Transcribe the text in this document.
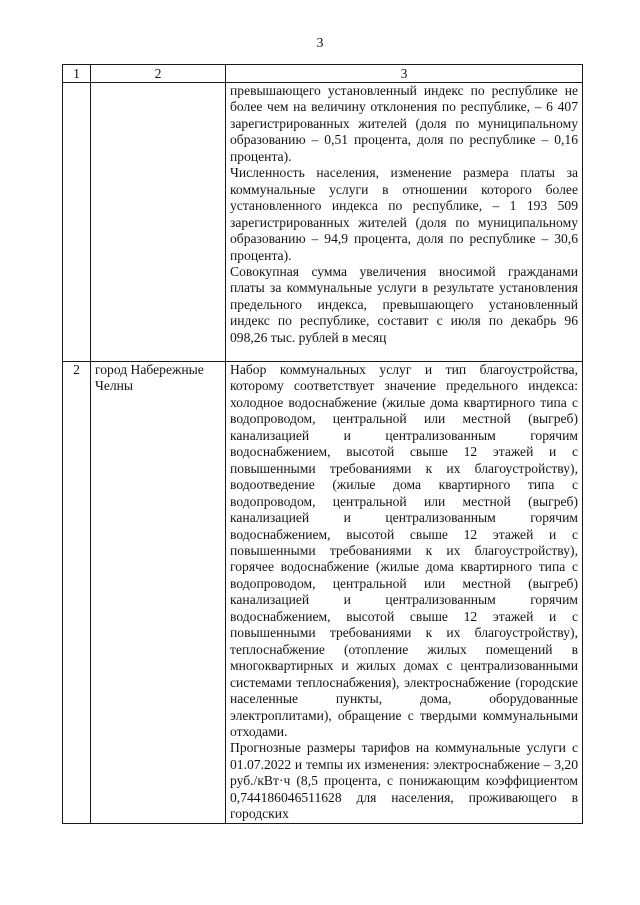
3
1	2	3

		превышающего установленный индекс по республике не более чем на величину отклонения по республике, – 6 407 зарегистрированных жителей (доля по муниципальному образованию – 0,51 процента, доля по республике – 0,16 процента).

Численность населения, изменение размера платы за коммунальные услуги в отношении которого более установленного индекса по республике, – 1 193 509 зарегистрированных жителей (доля по муниципальному образованию – 94,9 процента, доля по республике – 30,6 процента).

Совокупная сумма увеличения вносимой гражданами платы за коммунальные услуги в результате установления предельного индекса, превышающего установленный индекс по республике, составит с июля по декабрь 96 098,26 тыс. рублей в месяц

2	город Набережные Челны	Набор коммунальных услуг и тип благоустройства, которому соответствует значение предельного индекса: холодное водоснабжение (жилые дома квартирного типа с водопроводом, центральной или местной (выгреб) канализацией и централизованным горячим водоснабжением, высотой свыше 12 этажей и с повышенными требованиями к их благоустройству), водоотведение (жилые дома квартирного типа с водопроводом, центральной или местной (выгреб) канализацией и централизованным горячим водоснабжением, высотой свыше 12 этажей и с повышенными требованиями к их благоустройству), горячее водоснабжение (жилые дома квартирного типа с водопроводом, центральной или местной (выгреб) канализацией и централизованным горячим водоснабжением, высотой свыше 12 этажей и с повышенными требованиями к их благоустройству), теплоснабжение (отопление жилых помещений в многоквартирных и жилых домах с централизованными системами теплоснабжения), электроснабжение (городские населенные пункты, дома, оборудованные электроплитами), обращение с твердыми коммунальными отходами.

Прогнозные размеры тарифов на коммунальные услуги с 01.07.2022 и темпы их изменения: электроснабжение – 3,20 руб./кВт·ч (8,5 процента, с понижающим коэффициентом 0,744186046511628 для населения, проживающего в городских
